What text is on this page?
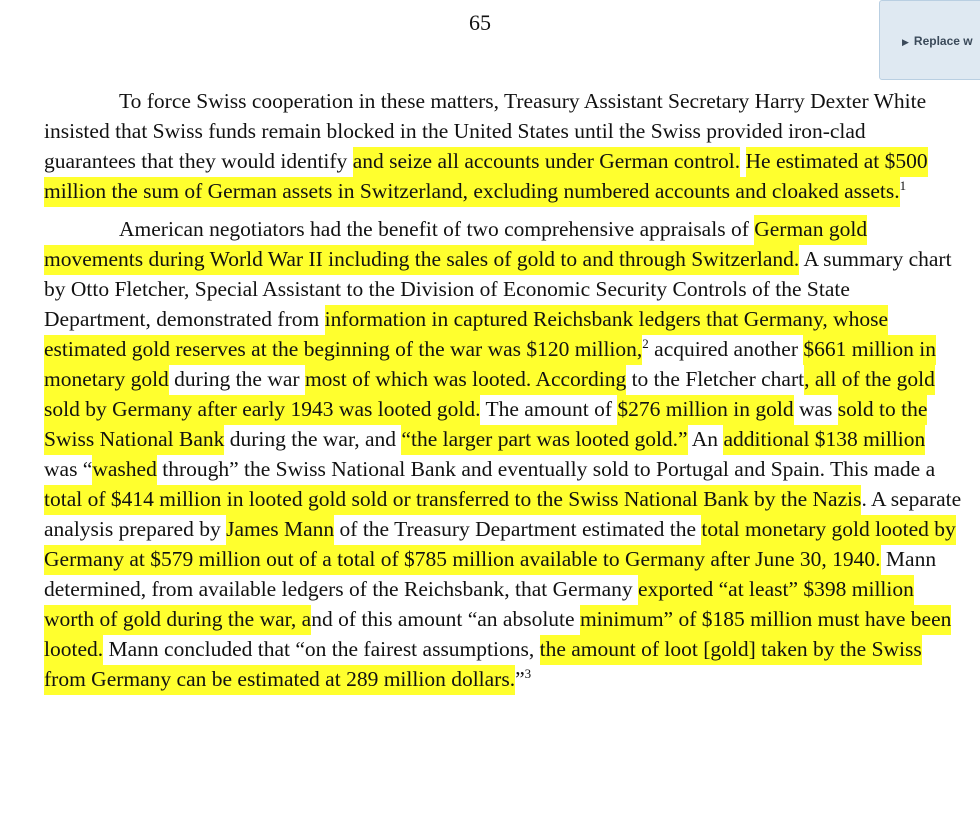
65
▶ Replace w

To force Swiss cooperation in these matters, Treasury Assistant Secretary Harry Dexter White insisted that Swiss funds remain blocked in the United States until the Swiss provided iron-clad guarantees that they would identify and seize all accounts under German control. He estimated at $500 million the sum of German assets in Switzerland, excluding numbered accounts and cloaked assets.$^1$

American negotiators had the benefit of two comprehensive appraisals of German gold movements during World War II including the sales of gold to and through Switzerland. A summary chart by Otto Fletcher, Special Assistant to the Division of Economic Security Controls of the State Department, demonstrated from information in captured Reichsbank ledgers that Germany, whose estimated gold reserves at the beginning of the war was $120 million,$^2$ acquired another $661 million in monetary gold during the war most of which was looted. According to the Fletcher chart, all of the gold sold by Germany after early 1943 was looted gold. The amount of $276 million in gold was sold to the Swiss National Bank during the war, and “the larger part was looted gold.” An additional $138 million was “washed through” the Swiss National Bank and eventually sold to Portugal and Spain. This made a total of $414 million in looted gold sold or transferred to the Swiss National Bank by the Nazis. A separate analysis prepared by James Mann of the Treasury Department estimated the total monetary gold looted by Germany at $579 million out of a total of $785 million available to Germany after June 30, 1940. Mann determined, from available ledgers of the Reichsbank, that Germany exported “at least” $398 million worth of gold during the war, and of this amount “an absolute minimum” of $185 million must have been looted. Mann concluded that “on the fairest assumptions, the amount of loot [gold] taken by the Swiss from Germany can be estimated at 289 million dollars.”$^3$
